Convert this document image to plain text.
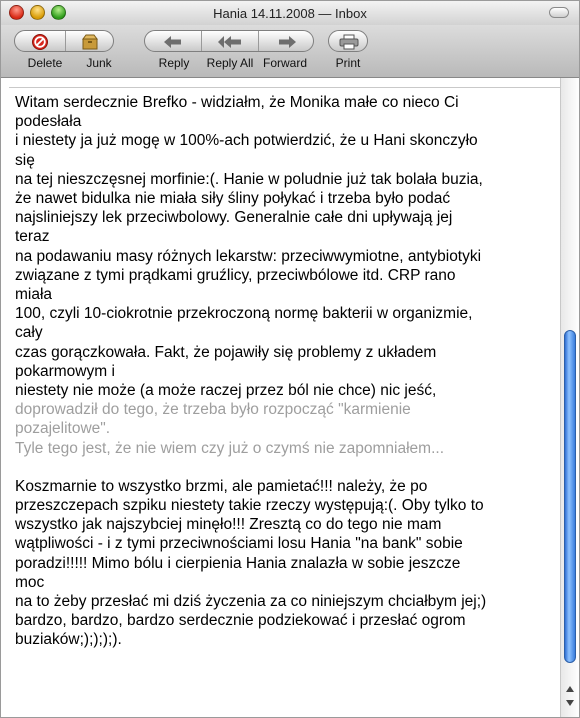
Hania 14.11.2008 — Inbox
Delete	Junk	Reply	Reply All Forward	Print

Witam serdecznie Brefko - widziałm, że Monika małe co nieco Ci
podesłała
i niestety ja już mogę w 100%-ach potwierdzić, że u Hani skonczyło
się
na tej nieszczęsnej morfinie:(. Hanie w poludnie już tak bolała buzia,
że nawet bidulka nie miała siły śliny połykać i trzeba było podać
najsliniejszy lek przeciwbolowy. Generalnie całe dni upływają jej
teraz
na podawaniu masy różnych lekarstw: przeciwwymiotne, antybiotyki
związane z tymi prądkami gruźlicy, przeciwbólowe itd. CRP rano
miała
100, czyli 10-ciokrotnie przekroczoną normę bakterii w organizmie,
cały
czas gorączkowała. Fakt, że pojawiły się problemy z układem
pokarmowym i
niestety nie może (a może raczej przez ból nie chce) nic jeść,

doprowadził do tego, że trzeba było rozpocząć "karmienie
pozajelitowe".
Tyle tego jest, że nie wiem czy już o czymś nie zapomniałem...

Koszmarnie to wszystko brzmi, ale pamietać!!! należy, że po
przeszczepach szpiku niestety takie rzeczy występują:(. Oby tylko to
wszystko jak najszybciej minęło!!! Zresztą co do tego nie mam
wątpliwości - i z tymi przeciwnościami losu Hania "na bank" sobie
poradzi!!!!! Mimo bólu i cierpienia Hania znalazła w sobie jeszcze
moc
na to żeby przesłać mi dziś życzenia za co niniejszym chciałbym jej;)
bardzo, bardzo, bardzo serdecznie podziekować i przesłać ogrom
buziaków;);););).
